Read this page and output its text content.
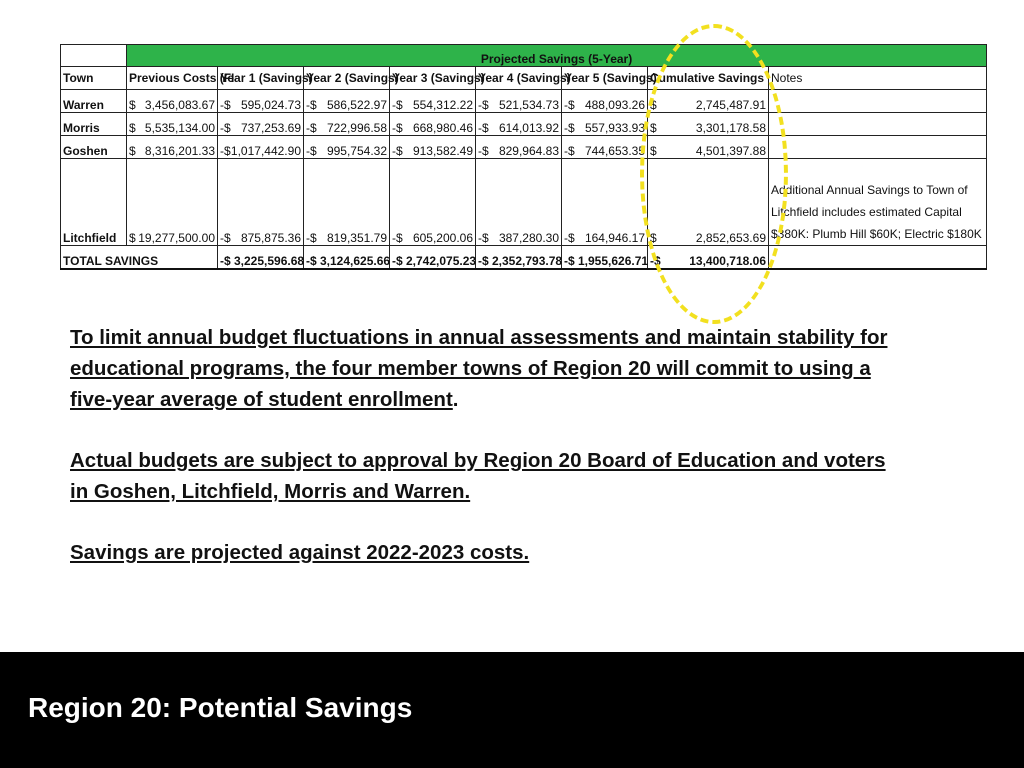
	Projected Savings (5-Year)							
Town	Previous Costs (FI	Year 1 (Savings)	Year 2 (Savings)	Year 3 (Savings)	Year 4 (Savings)	Year 5 (Savings)	Cumulative Savings	Notes
Warren	$ 3,456,083.67	-$ 595,024.73	-$ 586,522.97	-$ 554,312.22	-$ 521,534.73	-$ 488,093.26	$ 2,745,487.91	

Morris	$ 5,535,134.00	-$ 737,253.69	-$ 722,996.58	-$ 668,980.46	-$ 614,013.92	-$ 557,933.93	$ 3,301,178.58	

Goshen	$ 8,316,201.33	-$ 1,017,442.90	-$ 995,754.32	-$ 913,582.49	-$ 829,964.83	-$ 744,653.35	$ 4,501,397.88	

Litchfield	$ 19,277,500.00	-$ 875,875.36	-$ 819,351.79	-$ 605,200.06	-$ 387,280.30	-$ 164,946.17	$ 2,852,653.69	Additional Annual Savings to Town of Litchfield includes estimated Capital $380K: Plumb Hill $60K; Electric $180K
TOTAL SAVINGS		-$ 3,225,596.68	-$ 3,124,625.66	-$ 2,742,075.23	-$ 2,352,793.78	-$ 1,955,626.71	-$ 13,400,718.06	

To limit annual budget fluctuations in annual assessments and maintain stability for educational programs, the four member towns of Region 20 will commit to using a five-year average of student enrollment.

Actual budgets are subject to approval by Region 20 Board of Education and voters in Goshen, Litchfield, Morris and Warren.

Savings are projected against 2022-2023 costs.

Region 20: Potential Savings
